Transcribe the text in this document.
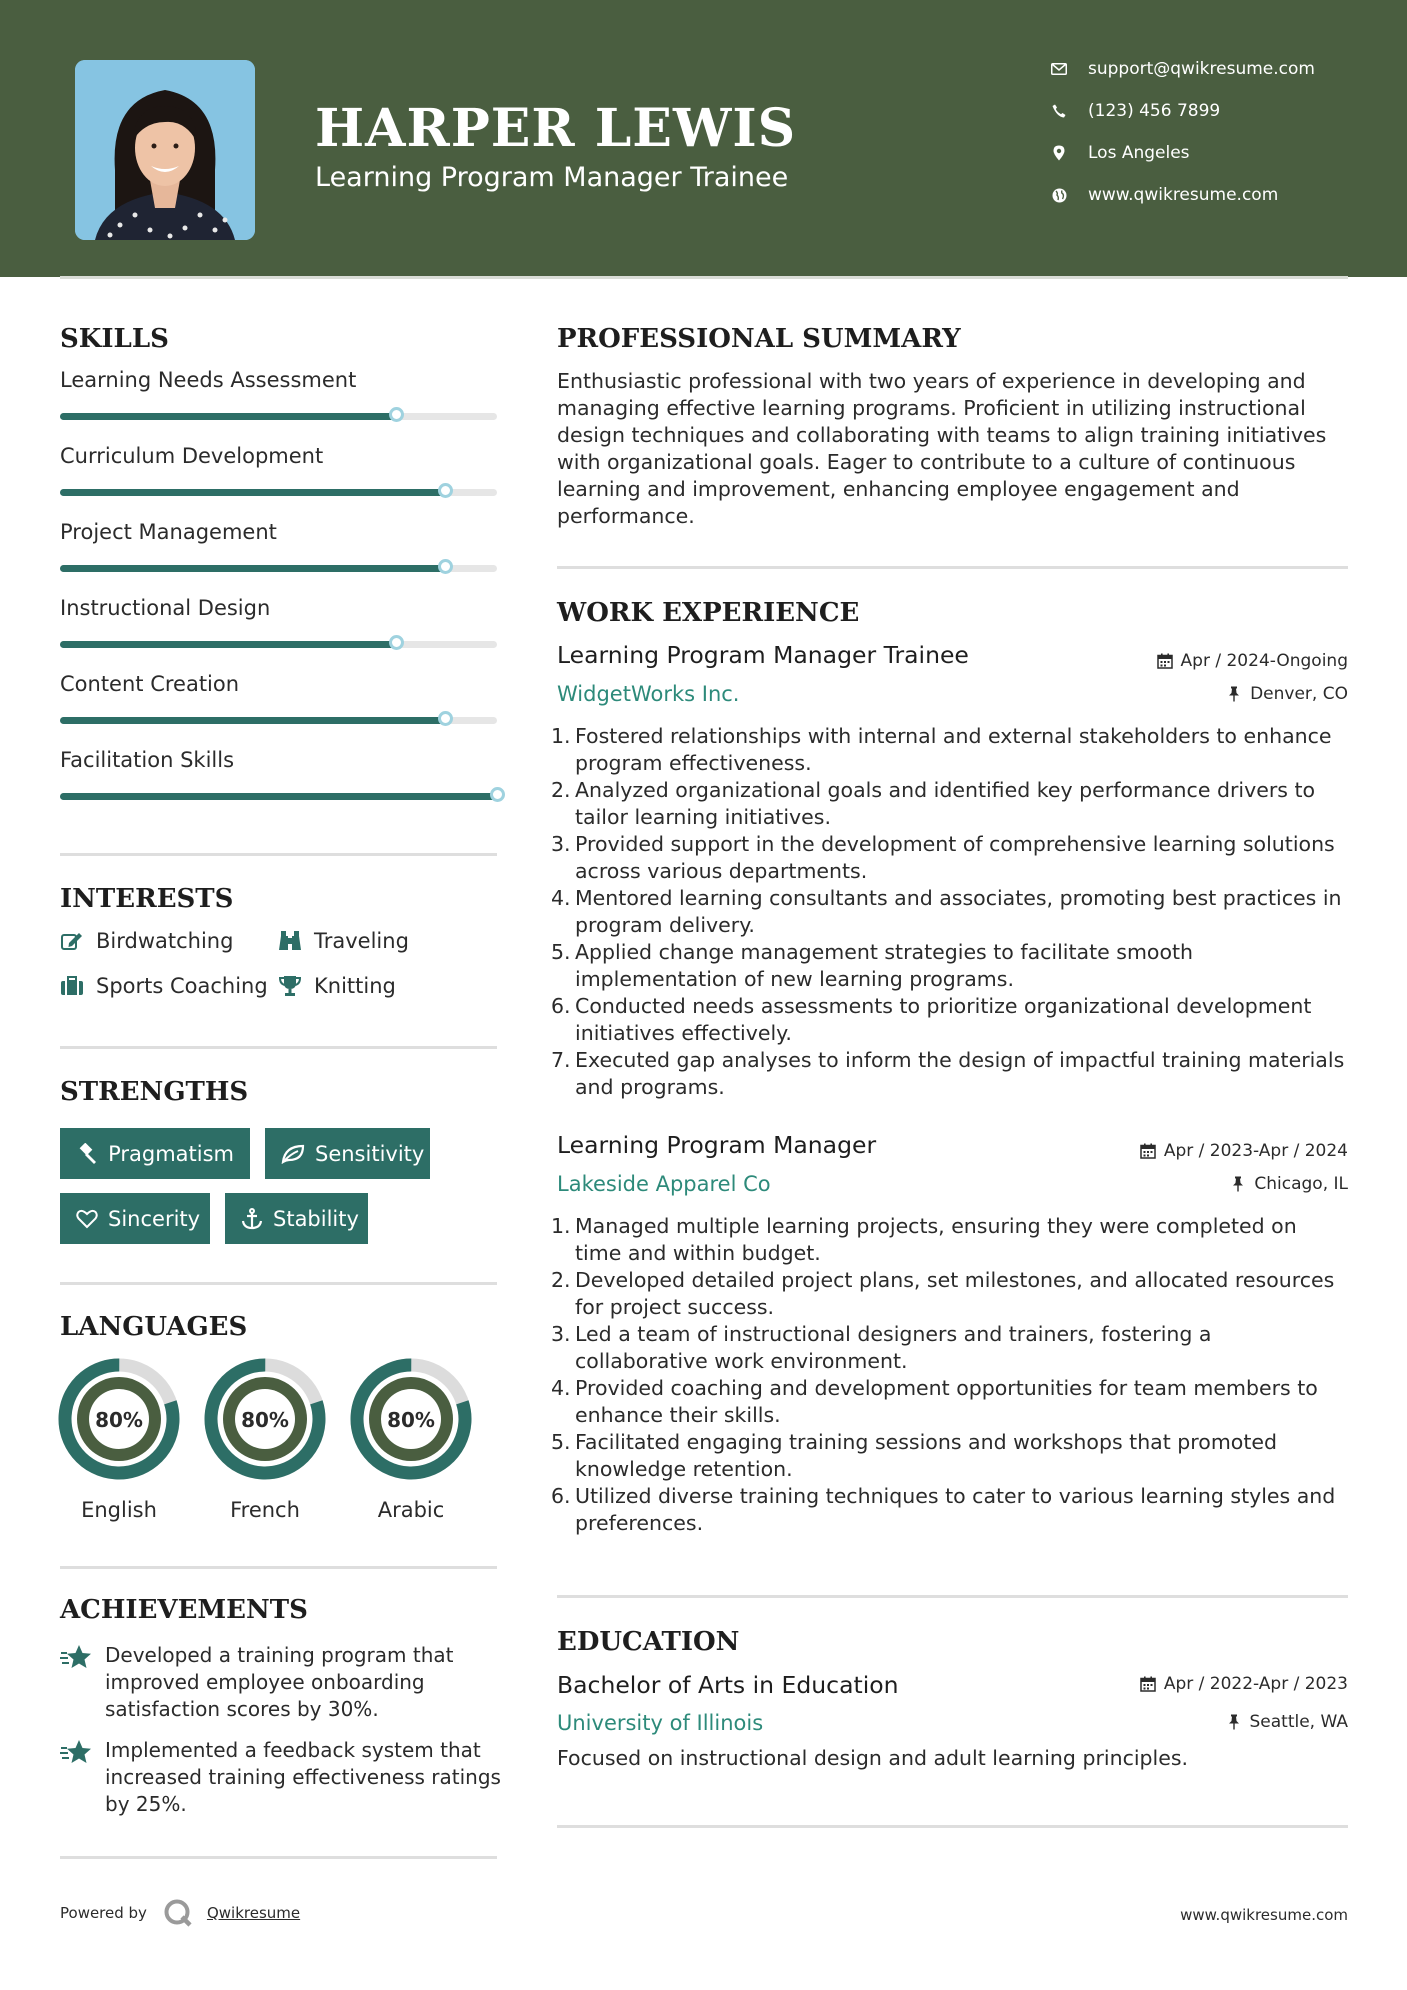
HARPER LEWIS
Learning Program Manager Trainee
support@qwikresume.com
(123) 456 7899
Los Angeles
www.qwikresume.com
SKILLS
Learning Needs Assessment
Curriculum Development
Project Management
Instructional Design
Content Creation
Facilitation Skills
INTERESTS
Birdwatching	Traveling
Sports Coaching Knitting
STRENGTHS
Pragmatism	Sensitivity
Sincerity	Stability
LANGUAGES
80%
English
80%
French
80%
Arabic
ACHIEVEMENTS
Developed a training program that improved employee onboarding satisfaction scores by 30%.
Implemented a feedback system that increased training effectiveness ratings by 25%.
PROFESSIONAL SUMMARY
Enthusiastic professional with two years of experience in developing and managing effective learning programs. Proficient in utilizing instructional design techniques and collaborating with teams to align training initiatives with organizational goals. Eager to contribute to a culture of continuous learning and improvement, enhancing employee engagement and performance.
WORK EXPERIENCE
Learning Program Manager Trainee	Apr / 2024-Ongoing
WidgetWorks Inc.	Denver, CO
1. Fostered relationships with internal and external stakeholders to enhance program effectiveness.
2. Analyzed organizational goals and identified key performance drivers to tailor learning initiatives.
3. Provided support in the development of comprehensive learning solutions across various departments.
4. Mentored learning consultants and associates, promoting best practices in program delivery.
5. Applied change management strategies to facilitate smooth implementation of new learning programs.
6. Conducted needs assessments to prioritize organizational development initiatives effectively.
7. Executed gap analyses to inform the design of impactful training materials and programs.
Learning Program Manager	Apr / 2023-Apr / 2024
Lakeside Apparel Co	Chicago, IL
1. Managed multiple learning projects, ensuring they were completed on time and within budget.
2. Developed detailed project plans, set milestones, and allocated resources for project success.
3. Led a team of instructional designers and trainers, fostering a collaborative work environment.
4. Provided coaching and development opportunities for team members to enhance their skills.
5. Facilitated engaging training sessions and workshops that promoted knowledge retention.
6. Utilized diverse training techniques to cater to various learning styles and preferences.
EDUCATION
Bachelor of Arts in Education	Apr / 2022-Apr / 2023
University of Illinois	Seattle, WA
Focused on instructional design and adult learning principles.
Powered by	Qwikresume	www.qwikresume.com
